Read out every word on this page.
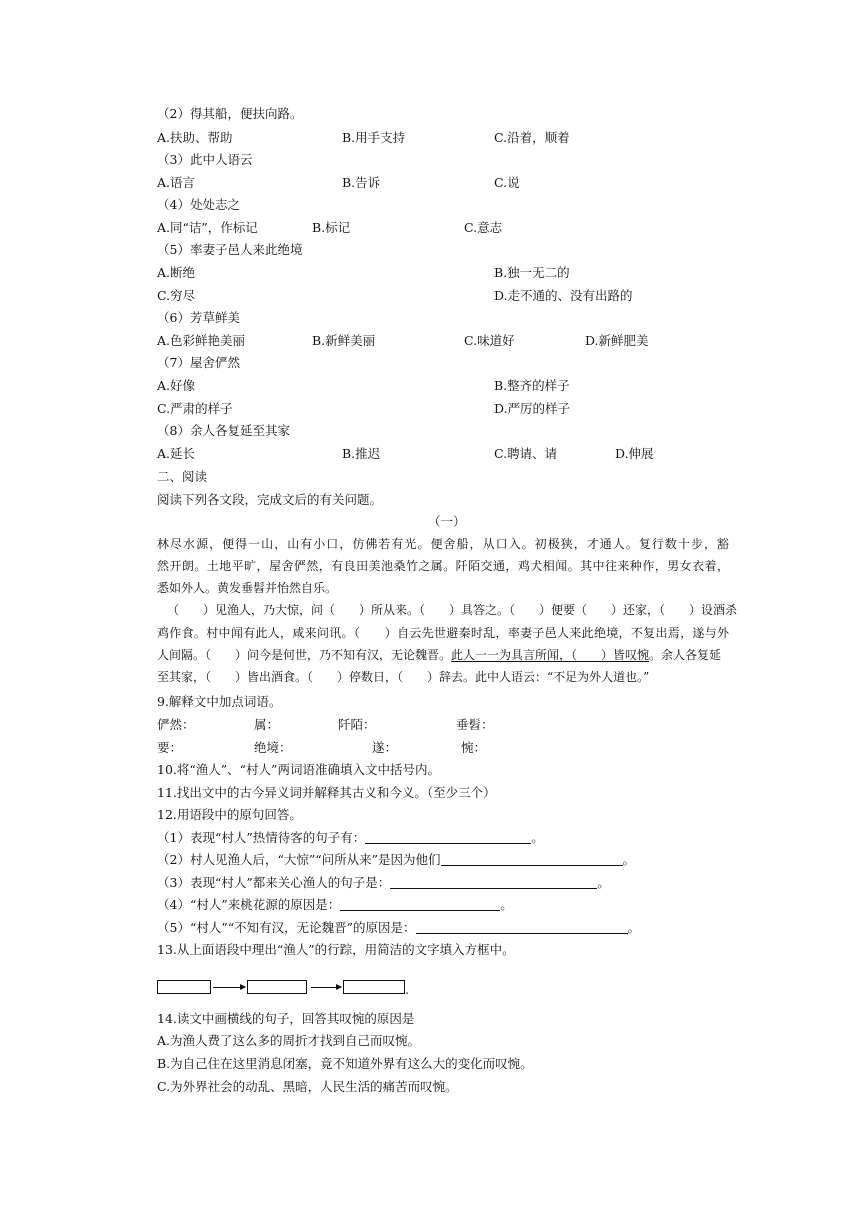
（2）得其船，便扶向路。
A.扶助、帮助	B.用手支持	C.沿着，顺着
（3）此中人语云
A.语言	B.告诉	C.说
（4）处处志之
A.同“诘”，作标记	B.标记	C.意志
（5）率妻子邑人来此绝境
A.断绝	B.独一无二的
C.穷尽	D.走不通的、没有出路的
（6）芳草鲜美
A.色彩鲜艳美丽	B.新鲜美丽	C.味道好	D.新鲜肥美
（7）屋舍俨然
A.好像	B.整齐的样子
C.严肃的样子	D.严厉的样子
（8）余人各复延至其家
A.延长	B.推迟	C.聘请、请	D.伸展
二、阅读
阅读下列各文段，完成文后的有关问题。
（一）
林尽水源，便得一山，山有小口，仿佛若有光。便舍船，从口入。初极狭，才通人。复行数十步，豁
然开朗。土地平旷，屋舍俨然，有良田美池桑竹之属。阡陌交通，鸡犬相闻。其中往来种作，男女衣着，
悉如外人。黄发垂髫并怡然自乐。
（　　）见渔人，乃大惊，问（　　）所从来。（　　）具答之。（　　）便要（　　）还家，（　　）设酒杀
鸡作食。村中闻有此人，咸来问讯。（　　）自云先世避秦时乱，率妻子邑人来此绝境，不复出焉，遂与外
人间隔。（　　）问今是何世，乃不知有汉，无论魏晋。此人一一为具言所闻，（　　）皆叹惋。余人各复延
至其家，（　　）皆出酒食。（　　）停数日，（　　）辞去。此中人语云：“不足为外人道也。”
9.解释文中加点词语。
俨然：	属：	阡陌：	垂髫：
要：	绝境：	遂：	惋：
10.将“渔人”、“村人”两词语准确填入文中括号内。
11.找出文中的古今异义词并解释其古义和今义。（至少三个）
12.用语段中的原句回答。
（1）表现“村人”热情待客的句子有：	。
（2）村人见渔人后，“大惊”“问所从来”是因为他们	。
（3）表现“村人”都来关心渔人的句子是：	。
（4）“村人”来桃花源的原因是：	。
（5）“村人”“不知有汉，无论魏晋”的原因是：	。
13.从上面语段中理出“渔人”的行踪，用简洁的文字填入方框中。
.
14.读文中画横线的句子，回答其叹惋的原因是
A.为渔人费了这么多的周折才找到自己而叹惋。
B.为自己住在这里消息闭塞，竟不知道外界有这么大的变化而叹惋。
C.为外界社会的动乱、黑暗，人民生活的痛苦而叹惋。
